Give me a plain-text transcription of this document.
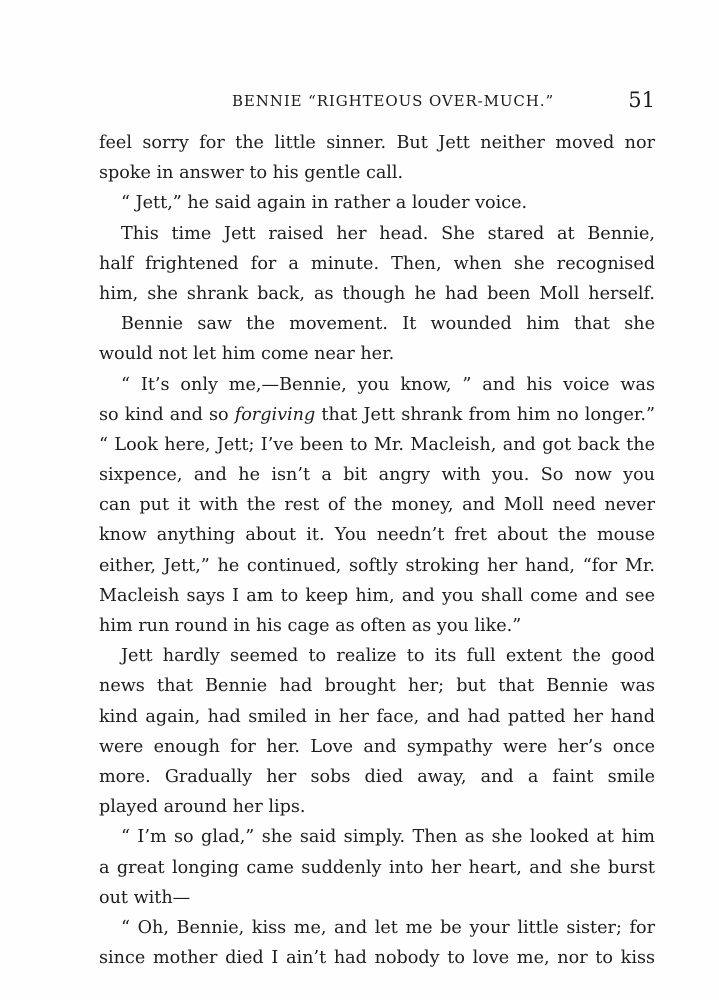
BENNIE “RIGHTEOUS OVER-MUCH.”	51
feel sorry for the little sinner. But Jett neither moved nor
spoke in answer to his gentle call.
“ Jett,” he said again in rather a louder voice.
This time Jett raised her head. She stared at Bennie,
half frightened for a minute. Then, when she recognised
him, she shrank back, as though he had been Moll herself.
Bennie saw the movement. It wounded him that she
would not let him come near her.
“ It’s only me,—Bennie, you know, ” and his voice was
so kind and so forgiving that Jett shrank from him no longer.”
“ Look here, Jett; I’ve been to Mr. Macleish, and got back the
sixpence, and he isn’t a bit angry with you. So now you
can put it with the rest of the money, and Moll need never
know anything about it. You needn’t fret about the mouse
either, Jett,” he continued, softly stroking her hand, “for Mr.
Macleish says I am to keep him, and you shall come and see
him run round in his cage as often as you like.”
Jett hardly seemed to realize to its full extent the good
news that Bennie had brought her; but that Bennie was
kind again, had smiled in her face, and had patted her hand
were enough for her. Love and sympathy were her’s once
more. Gradually her sobs died away, and a faint smile
played around her lips.
“ I’m so glad,” she said simply. Then as she looked at him
a great longing came suddenly into her heart, and she burst
out with—
“ Oh, Bennie, kiss me, and let me be your little sister; for
since mother died I ain’t had nobody to love me, nor to kiss
